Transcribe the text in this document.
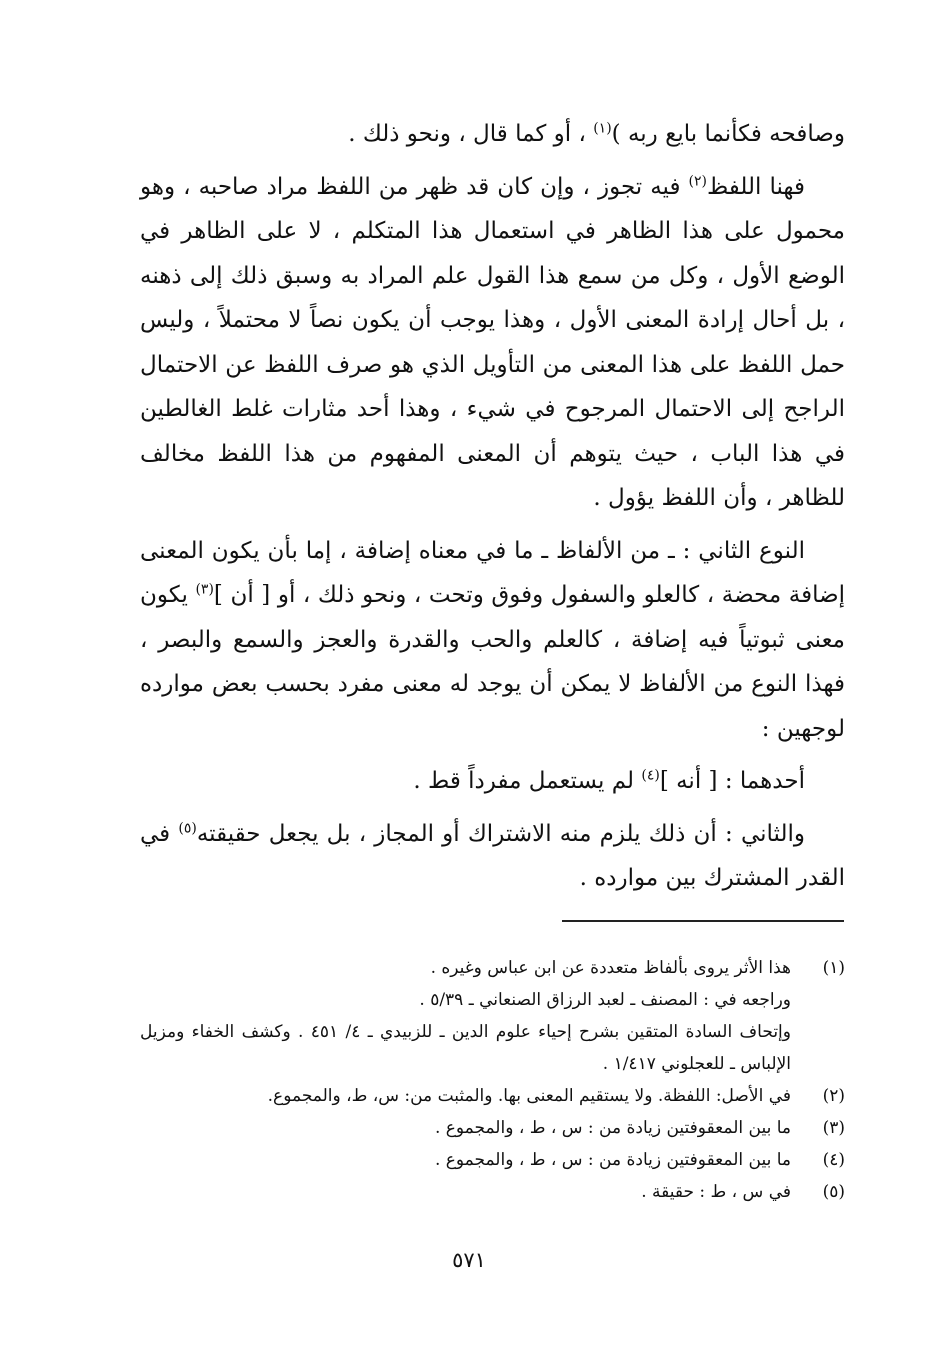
وصافحه فكأنما بايع ربه )$^{(١)}$ ، أو كما قال ، ونحو ذلك .

فهنا اللفظ$^{(٢)}$ فيه تجوز ، وإن كان قد ظهر من اللفظ مراد صاحبه ، وهو محمول على هذا الظاهر في استعمال هذا المتكلم ، لا على الظاهر في الوضع الأول ، وكل من سمع هذا القول علم المراد به وسبق ذلك إلى ذهنه ، بل أحال إرادة المعنى الأول ، وهذا يوجب أن يكون نصاً لا محتملاً ، وليس حمل اللفظ على هذا المعنى من التأويل الذي هو صرف اللفظ عن الاحتمال الراجح إلى الاحتمال المرجوح في شيء ، وهذا أحد مثارات غلط الغالطين في هذا الباب ، حيث يتوهم أن المعنى المفهوم من هذا اللفظ مخالف للظاهر ، وأن اللفظ يؤول .

النوع الثاني : ـ من الألفاظ ـ ما في معناه إضافة ، إما بأن يكون المعنى إضافة محضة ، كالعلو والسفول وفوق وتحت ، ونحو ذلك ، أو [ أن ]$^{(٣)}$ يكون معنى ثبوتياً فيه إضافة ، كالعلم والحب والقدرة والعجز والسمع والبصر ، فهذا النوع من الألفاظ لا يمكن أن يوجد له معنى مفرد بحسب بعض موارده لوجهين :

أحدهما : [ أنه ]$^{(٤)}$ لم يستعمل مفرداً قط .

والثاني : أن ذلك يلزم منه الاشتراك أو المجاز ، بل يجعل حقيقته$^{(٥)}$ في القدر المشترك بين موارده .

(١)
هذا الأثر يروى بألفاظ متعددة عن ابن عباس وغيره .
وراجعه في : المصنف ـ لعبد الرزاق الصنعاني ـ ٥/٣٩ .
وإتحاف السادة المتقين بشرح إحياء علوم الدين ـ للزبيدي ـ ٤/ ٤٥١ . وكشف الخفاء ومزيل الإلباس ـ للعجلوني ١/٤١٧ .
(٢)
في الأصل: اللفظة. ولا يستقيم المعنى بها. والمثبت من: س، ط، والمجموع.
(٣)
ما بين المعقوفتين زيادة من : س ، ط ، والمجموع .
(٤)
ما بين المعقوفتين زيادة من : س ، ط ، والمجموع .
(٥)
في س ، ط : حقيقة .
٥٧١
